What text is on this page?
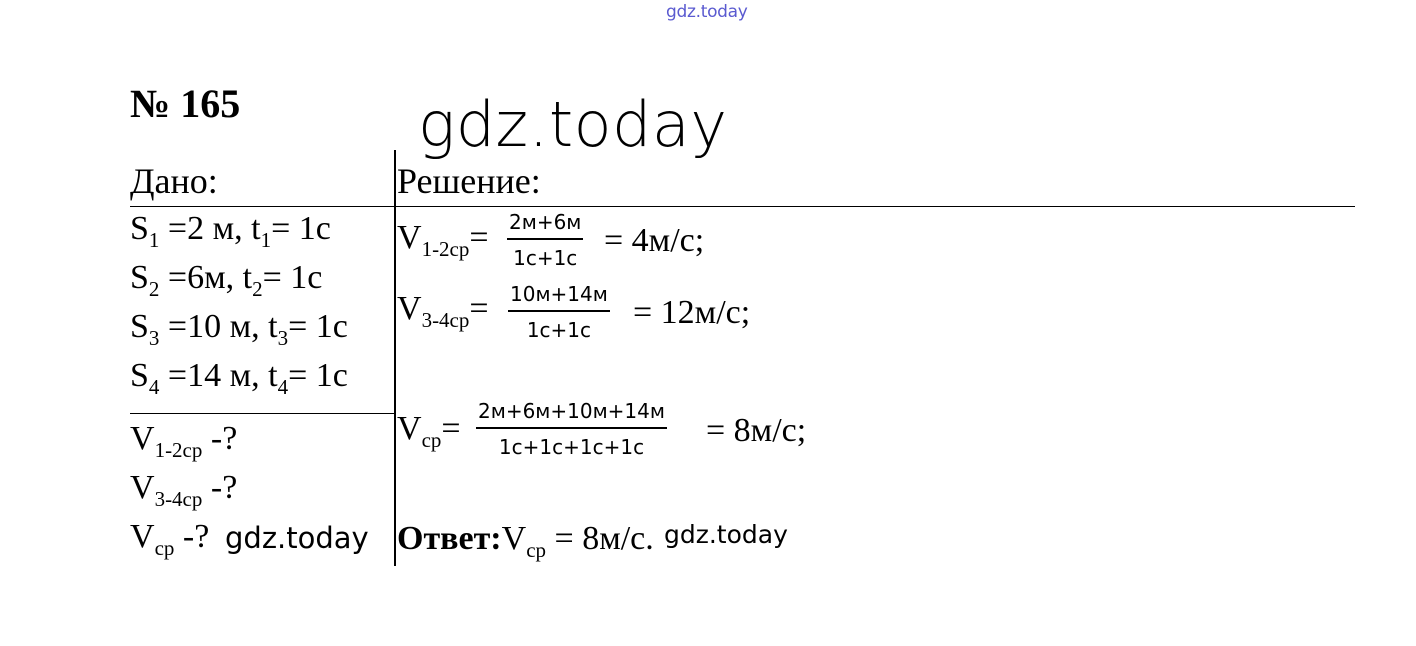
gdz.today
№ 165	gdz.today
Дано:
$S_1 =2$ м, $t_1= 1с$
$S_2 =6м$, $t_2= 1с$
$S_3 =10$ м, $t_3= 1с$
$S_4 =14$ м, $t_4= 1с$
$V_{1-2ср}$ -?
$V_{3-4ср}$ -?
$V_{ср}$ -? gdz.today
Решение:
$V_{1-2ср}= 2м+6м$
1с+1с = 4м/с;
$V_{3-4ср}= 10м+14м$
1с+1с = 12м/с;
$V_{ср}= 2м+6м+10м+14м$
1с+1с+1с+1с = 8м/с;
$Ответ:V_{ср} = 8м/с$. gdz.today
